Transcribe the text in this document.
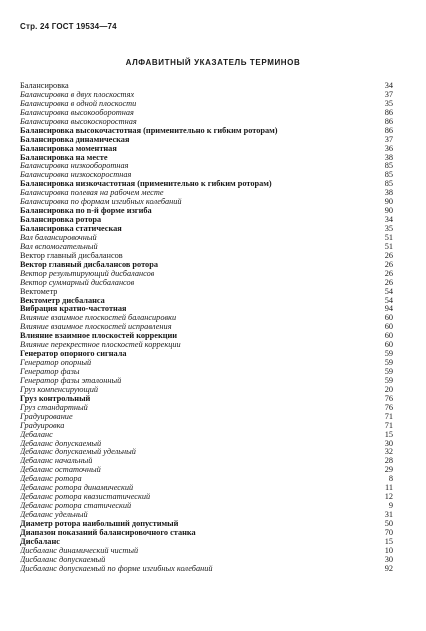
Стр. 24 ГОСТ 19534—74
АЛФАВИТНЫЙ УКАЗАТЕЛЬ ТЕРМИНОВ
Балансировка	34
Балансировка в двух плоскостях	37
Балансировка в одной плоскости	35
Балансировка высокооборотная	86
Балансировка высокоскоростная	86
Балансировка высокочастотная (применительно к гибким роторам)	86
Балансировка динамическая	37
Балансировка моментная	36
Балансировка на месте	38
Балансировка низкооборотная	85
Балансировка низкоскоростная	85
Балансировка низкочастотная (применительно к гибким роторам)	85
Балансировка полевая на рабочем месте	38
Балансировка по формам изгибных колебаний	90
Балансировка по n-й форме изгиба	90
Балансировка ротора	34
Балансировка статическая	35
Вал балансировочный	51
Вал вспомогательный	51
Вектор главный дисбалансов	26
Вектор главный дисбалансов ротора	26
Вектор результирующий дисбалансов	26
Вектор суммарный дисбалансов	26
Вектометр	54
Вектометр дисбаланса	54
Вибрация кратно-частотная	94
Влияние взаимное плоскостей балансировки	60
Влияние взаимное плоскостей исправления	60
Влияние взаимное плоскостей коррекции	60
Влияние перекрестное плоскостей коррекции	60
Генератор опорного сигнала	59
Генератор опорный	59
Генератор фазы	59
Генератор фазы эталонный	59
Груз компенсирующий	20
Груз контрольный	76
Груз стандартный	76
Градуирование	71
Градуировка	71
Дебаланс	15
Дебаланс допускаемый	30
Дебаланс допускаемый удельный	32
Дебаланс начальный	28
Дебаланс остаточный	29
Дебаланс ротора	8
Дебаланс ротора динамический	11
Дебаланс ротора квазистатический	12
Дебаланс ротора статический	9
Дебаланс удельный	31
Диаметр ротора наибольший допустимый	50
Диапазон показаний балансировочного станка	70
Дисбаланс	15
Дисбаланс динамический чистый	10
Дисбаланс допускаемый	30
Дисбаланс допускаемый по форме изгибных колебаний	92
